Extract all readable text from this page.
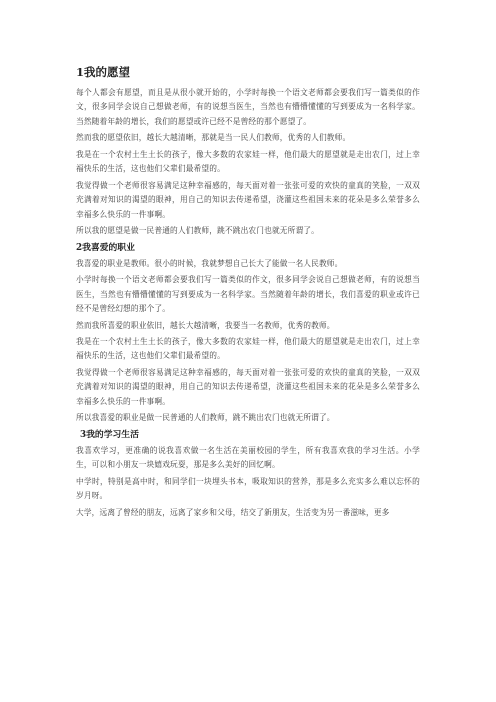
1我的愿望

每个人都会有愿望，而且是从很小就开始的，小学时每换一个语文老师都会要我们写一篇类似的作文，很多同学会说自己想做老师，有的说想当医生，当然也有懵懵懂懂的写到要成为一名科学家。当然随着年龄的增长，我们的愿望或许已经不是曾经的那个愿望了。

然而我的愿望依旧，越长大越清晰，那就是当一民人们教师，优秀的人们教师。

我是在一个农村土生土长的孩子，像大多数的农家娃一样，他们最大的愿望就是走出农门，过上幸福快乐的生活，这也他们父辈们最希望的。

我觉得做一个老师很容易满足这种幸福感的，每天面对着一张张可爱的欢快的童真的笑脸，一双双充满着对知识的渴望的眼神，用自己的知识去传递希望，浇灌这些祖国未来的花朵是多么荣誉多么幸福多么快乐的一件事啊。

所以我的愿望是做一民普通的人们教师，跳不跳出农门也就无所谓了。

2我喜爱的职业

我喜爱的职业是教师。很小的时候，我就梦想自己长大了能做一名人民教师。

小学时每换一个语文老师都会要我们写一篇类似的作文，很多同学会说自己想做老师，有的说想当医生，当然也有懵懵懂懂的写到要成为一名科学家。当然随着年龄的增长，我们喜爱的职业或许已经不是曾经幻想的那个了。

然而我所喜爱的职业依旧，越长大越清晰，我要当一名教师，优秀的教师。

我是在一个农村土生土长的孩子，像大多数的农家娃一样，他们最大的愿望就是走出农门，过上幸福快乐的生活，这也他们父辈们最希望的。

我觉得做一个老师很容易满足这种幸福感的，每天面对着一张张可爱的欢快的童真的笑脸，一双双充满着对知识的渴望的眼神，用自己的知识去传递希望，浇灌这些祖国未来的花朵是多么荣誉多么幸福多么快乐的一件事啊。

所以我喜爱的职业是做一民普通的人们教师，跳不跳出农门也就无所谓了。

3我的学习生活

我喜欢学习，更准确的说我喜欢做一名生活在美丽校园的学生，所有我喜欢我的学习生活。小学生，可以和小朋友一块嬉戏玩耍，那是多么美好的回忆啊。

中学时，特别是高中时，和同学们一块埋头书本，吸取知识的营养，那是多么充实多么难以忘怀的岁月呀。

大学，远离了曾经的朋友，远离了家乡和父母，结交了新朋友，生活变为另一番滋味，更多
